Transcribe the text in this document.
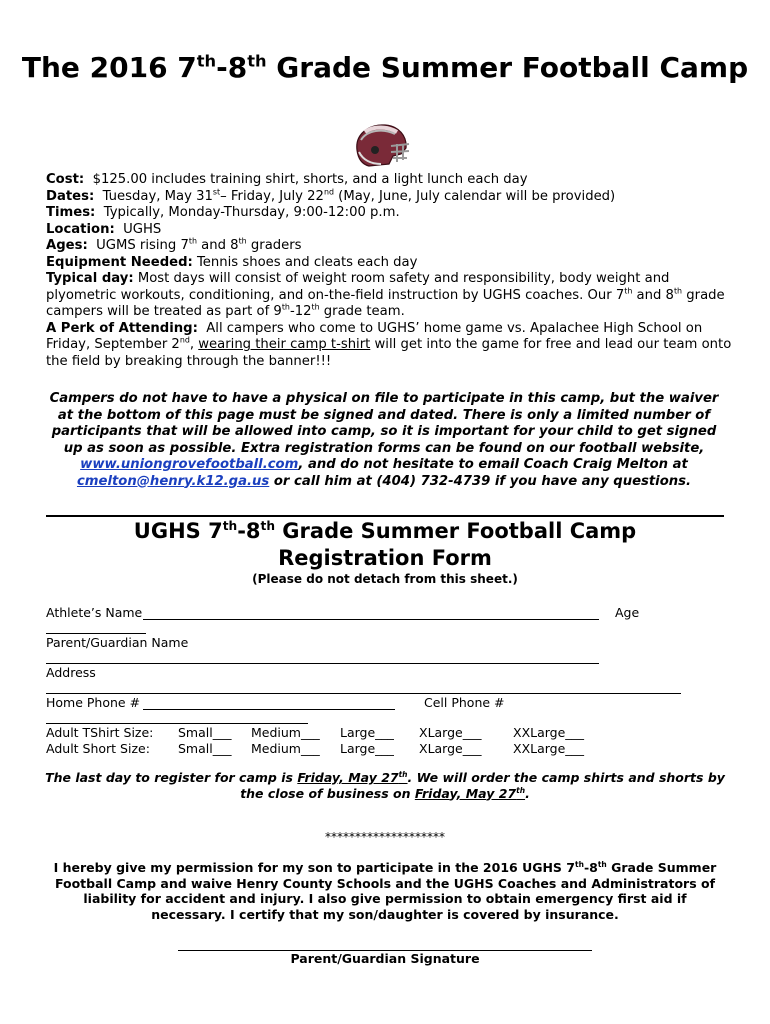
The 2016 7th-8th Grade Summer Football Camp

Cost: $125.00 includes training shirt, shorts, and a light lunch each day

Dates: Tuesday, May 31st– Friday, July 22nd (May, June, July calendar will be provided)

Times: Typically, Monday-Thursday, 9:00-12:00 p.m.

Location: UGHS

Ages: UGMS rising 7th and 8th graders

Equipment Needed: Tennis shoes and cleats each day

Typical day: Most days will consist of weight room safety and responsibility, body weight and plyometric workouts, conditioning, and on-the-field instruction by UGHS coaches. Our 7th and 8th grade campers will be treated as part of 9th-12th grade team.

A Perk of Attending: All campers who come to UGHS’ home game vs. Apalachee High School on Friday, September 2nd, wearing their camp t-shirt will get into the game for free and lead our team onto the field by breaking through the banner!!!

Campers do not have to have a physical on file to participate in this camp, but the waiver at the bottom of this page must be signed and dated. There is only a limited number of participants that will be allowed into camp, so it is important for your child to get signed up as soon as possible. Extra registration forms can be found on our football website, www.uniongrovefootball.com, and do not hesitate to email Coach Craig Melton at cmelton@henry.k12.ga.us or call him at (404) 732-4739 if you have any questions.
UGHS 7th-8th Grade Summer Football Camp
Registration Form
(Please do not detach from this sheet.)
Athlete’s Name	Age
Parent/Guardian Name
Address
Home Phone #	Cell Phone #
Adult TShirt Size: Small___ Medium___ Large___ XLarge___	XXLarge___
Adult Short Size: Small___ Medium___ Large___ XLarge___	XXLarge___
The last day to register for camp is Friday, May 27th. We will order the camp shirts and shorts by the close of business on Friday, May 27th.
********************
I hereby give my permission for my son to participate in the 2016 UGHS 7th-8th Grade Summer Football Camp and waive Henry County Schools and the UGHS Coaches and Administrators of liability for accident and injury. I also give permission to obtain emergency first aid if necessary. I certify that my son/daughter is covered by insurance.
Parent/Guardian Signature
